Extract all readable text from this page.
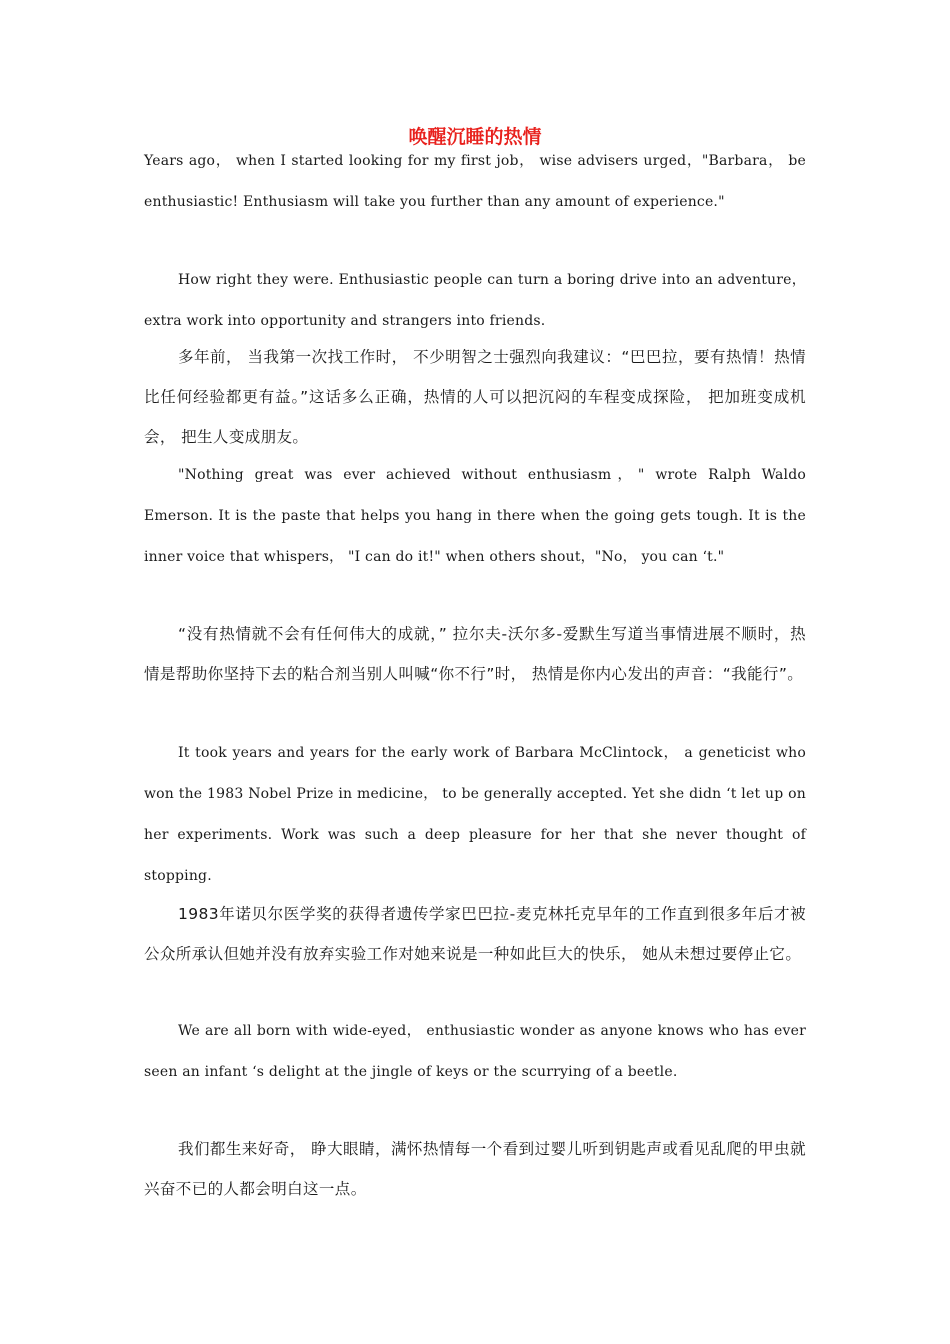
唤醒沉睡的热情

Years ago， when I started looking for my first job， wise advisers urged，"Barbara， be enthusiastic! Enthusiasm will take you further than any amount of experience."

How right they were. Enthusiastic people can turn a boring drive into an adventure， extra work into opportunity and strangers into friends.

多年前， 当我第一次找工作时， 不少明智之士强烈向我建议：“巴巴拉，要有热情！热情比任何经验都更有益。”这话多么正确，热情的人可以把沉闷的车程变成探险， 把加班变成机会， 把生人变成朋友。

"Nothing great was ever achieved without enthusiasm，" wrote Ralph Waldo Emerson. It is the paste that helps you hang in there when the going gets tough. It is the inner voice that whispers， "I can do it!" when others shout，"No， you can ‘t."

“没有热情就不会有任何伟大的成就，” 拉尔夫-沃尔多-爱默生写道当事情进展不顺时，热情是帮助你坚持下去的粘合剂当别人叫喊“你不行”时， 热情是你内心发出的声音：“我能行”。

It took years and years for the early work of Barbara McClintock， a geneticist who won the 1983 Nobel Prize in medicine， to be generally accepted. Yet she didn ‘t let up on her experiments. Work was such a deep pleasure for her that she never thought of stopping.

1983年诺贝尔医学奖的获得者遗传学家巴巴拉-麦克林托克早年的工作直到很多年后才被公众所承认但她并没有放弃实验工作对她来说是一种如此巨大的快乐， 她从未想过要停止它。

We are all born with wide-eyed， enthusiastic wonder as anyone knows who has ever seen an infant ‘s delight at the jingle of keys or the scurrying of a beetle.

我们都生来好奇， 睁大眼睛，满怀热情每一个看到过婴儿听到钥匙声或看见乱爬的甲虫就兴奋不已的人都会明白这一点。
